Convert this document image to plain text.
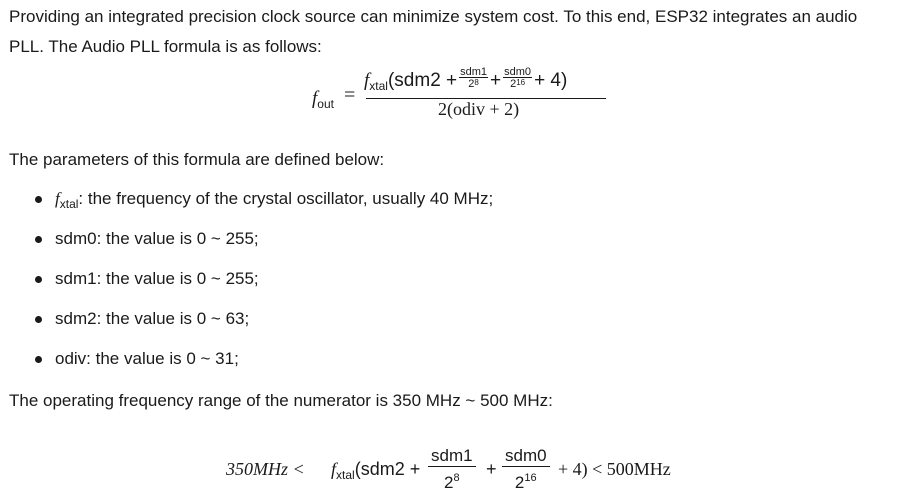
Providing an integrated precision clock source can minimize system cost. To this end, ESP32 integrates an audio

PLL. The Audio PLL formula is as follows:

$f_{out}$ =
$f_{xtal}(sdm2 + sdm1$
$2^8 + sdm0$
$2^{16} + 4$)
2(odiv + 2)

The parameters of this formula are defined below:

$f_{xtal}$: the frequency of the crystal oscillator, usually 40 MHz;
sdm0: the value is 0 ~ 255;
sdm1: the value is 0 ~ 255;
sdm2: the value is 0 ~ 63;
odiv: the value is 0 ~ 31;

The operating frequency range of the numerator is 350 MHz ~ 500 MHz:

$350MHz < f_{xtal}(sdm2$ +
sdm1
$2^8$	+
sdm0
$2^{16}$	+ 4) < 500MHz
